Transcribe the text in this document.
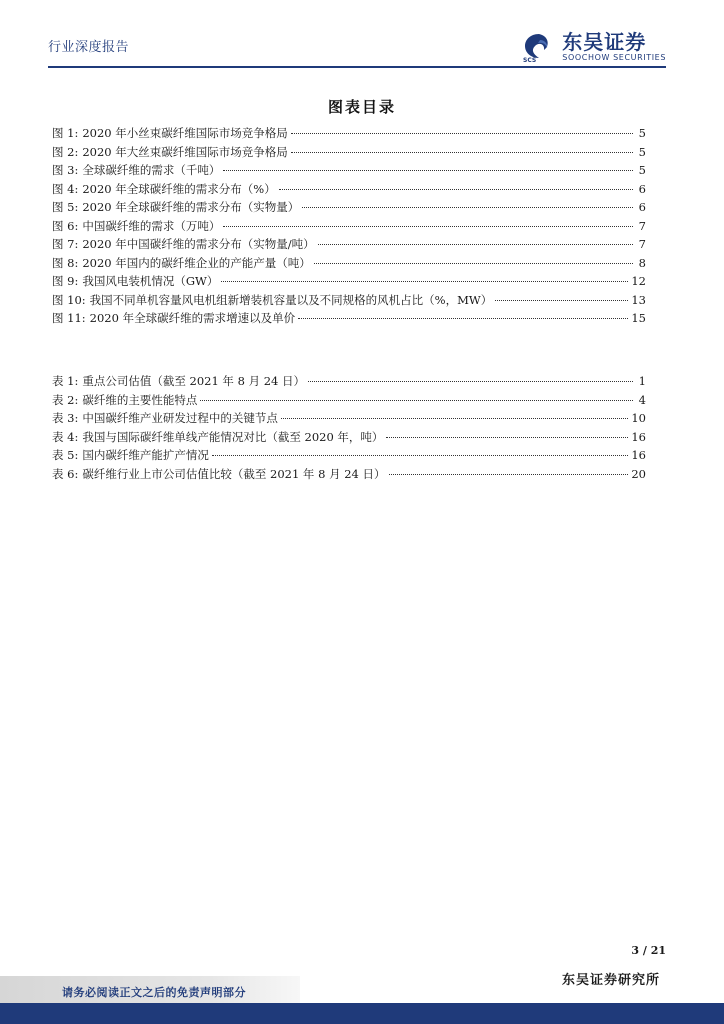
行业深度报告
SCS
东吴证券
SOOCHOW SECURITIES
图表目录
图 1: 2020 年小丝束碳纤维国际市场竞争格局	5
图 2: 2020 年大丝束碳纤维国际市场竞争格局	5
图 3: 全球碳纤维的需求（千吨）	5
图 4: 2020 年全球碳纤维的需求分布（%）	6
图 5: 2020 年全球碳纤维的需求分布（实物量）	6
图 6: 中国碳纤维的需求（万吨）	7
图 7: 2020 年中国碳纤维的需求分布（实物量/吨）	7
图 8: 2020 年国内的碳纤维企业的产能产量（吨）	8
图 9: 我国风电装机情况（GW）	12
图 10: 我国不同单机容量风电机组新增装机容量以及不同规格的风机占比（%，MW）	13
图 11: 2020 年全球碳纤维的需求增速以及单价	15
表 1: 重点公司估值（截至 2021 年 8 月 24 日）	1
表 2: 碳纤维的主要性能特点	4
表 3: 中国碳纤维产业研发过程中的关键节点	10
表 4: 我国与国际碳纤维单线产能情况对比（截至 2020 年，吨）	16
表 5: 国内碳纤维产能扩产情况	16
表 6: 碳纤维行业上市公司估值比较（截至 2021 年 8 月 24 日）	20
3 / 21
东吴证券研究所
请务必阅读正文之后的免责声明部分
